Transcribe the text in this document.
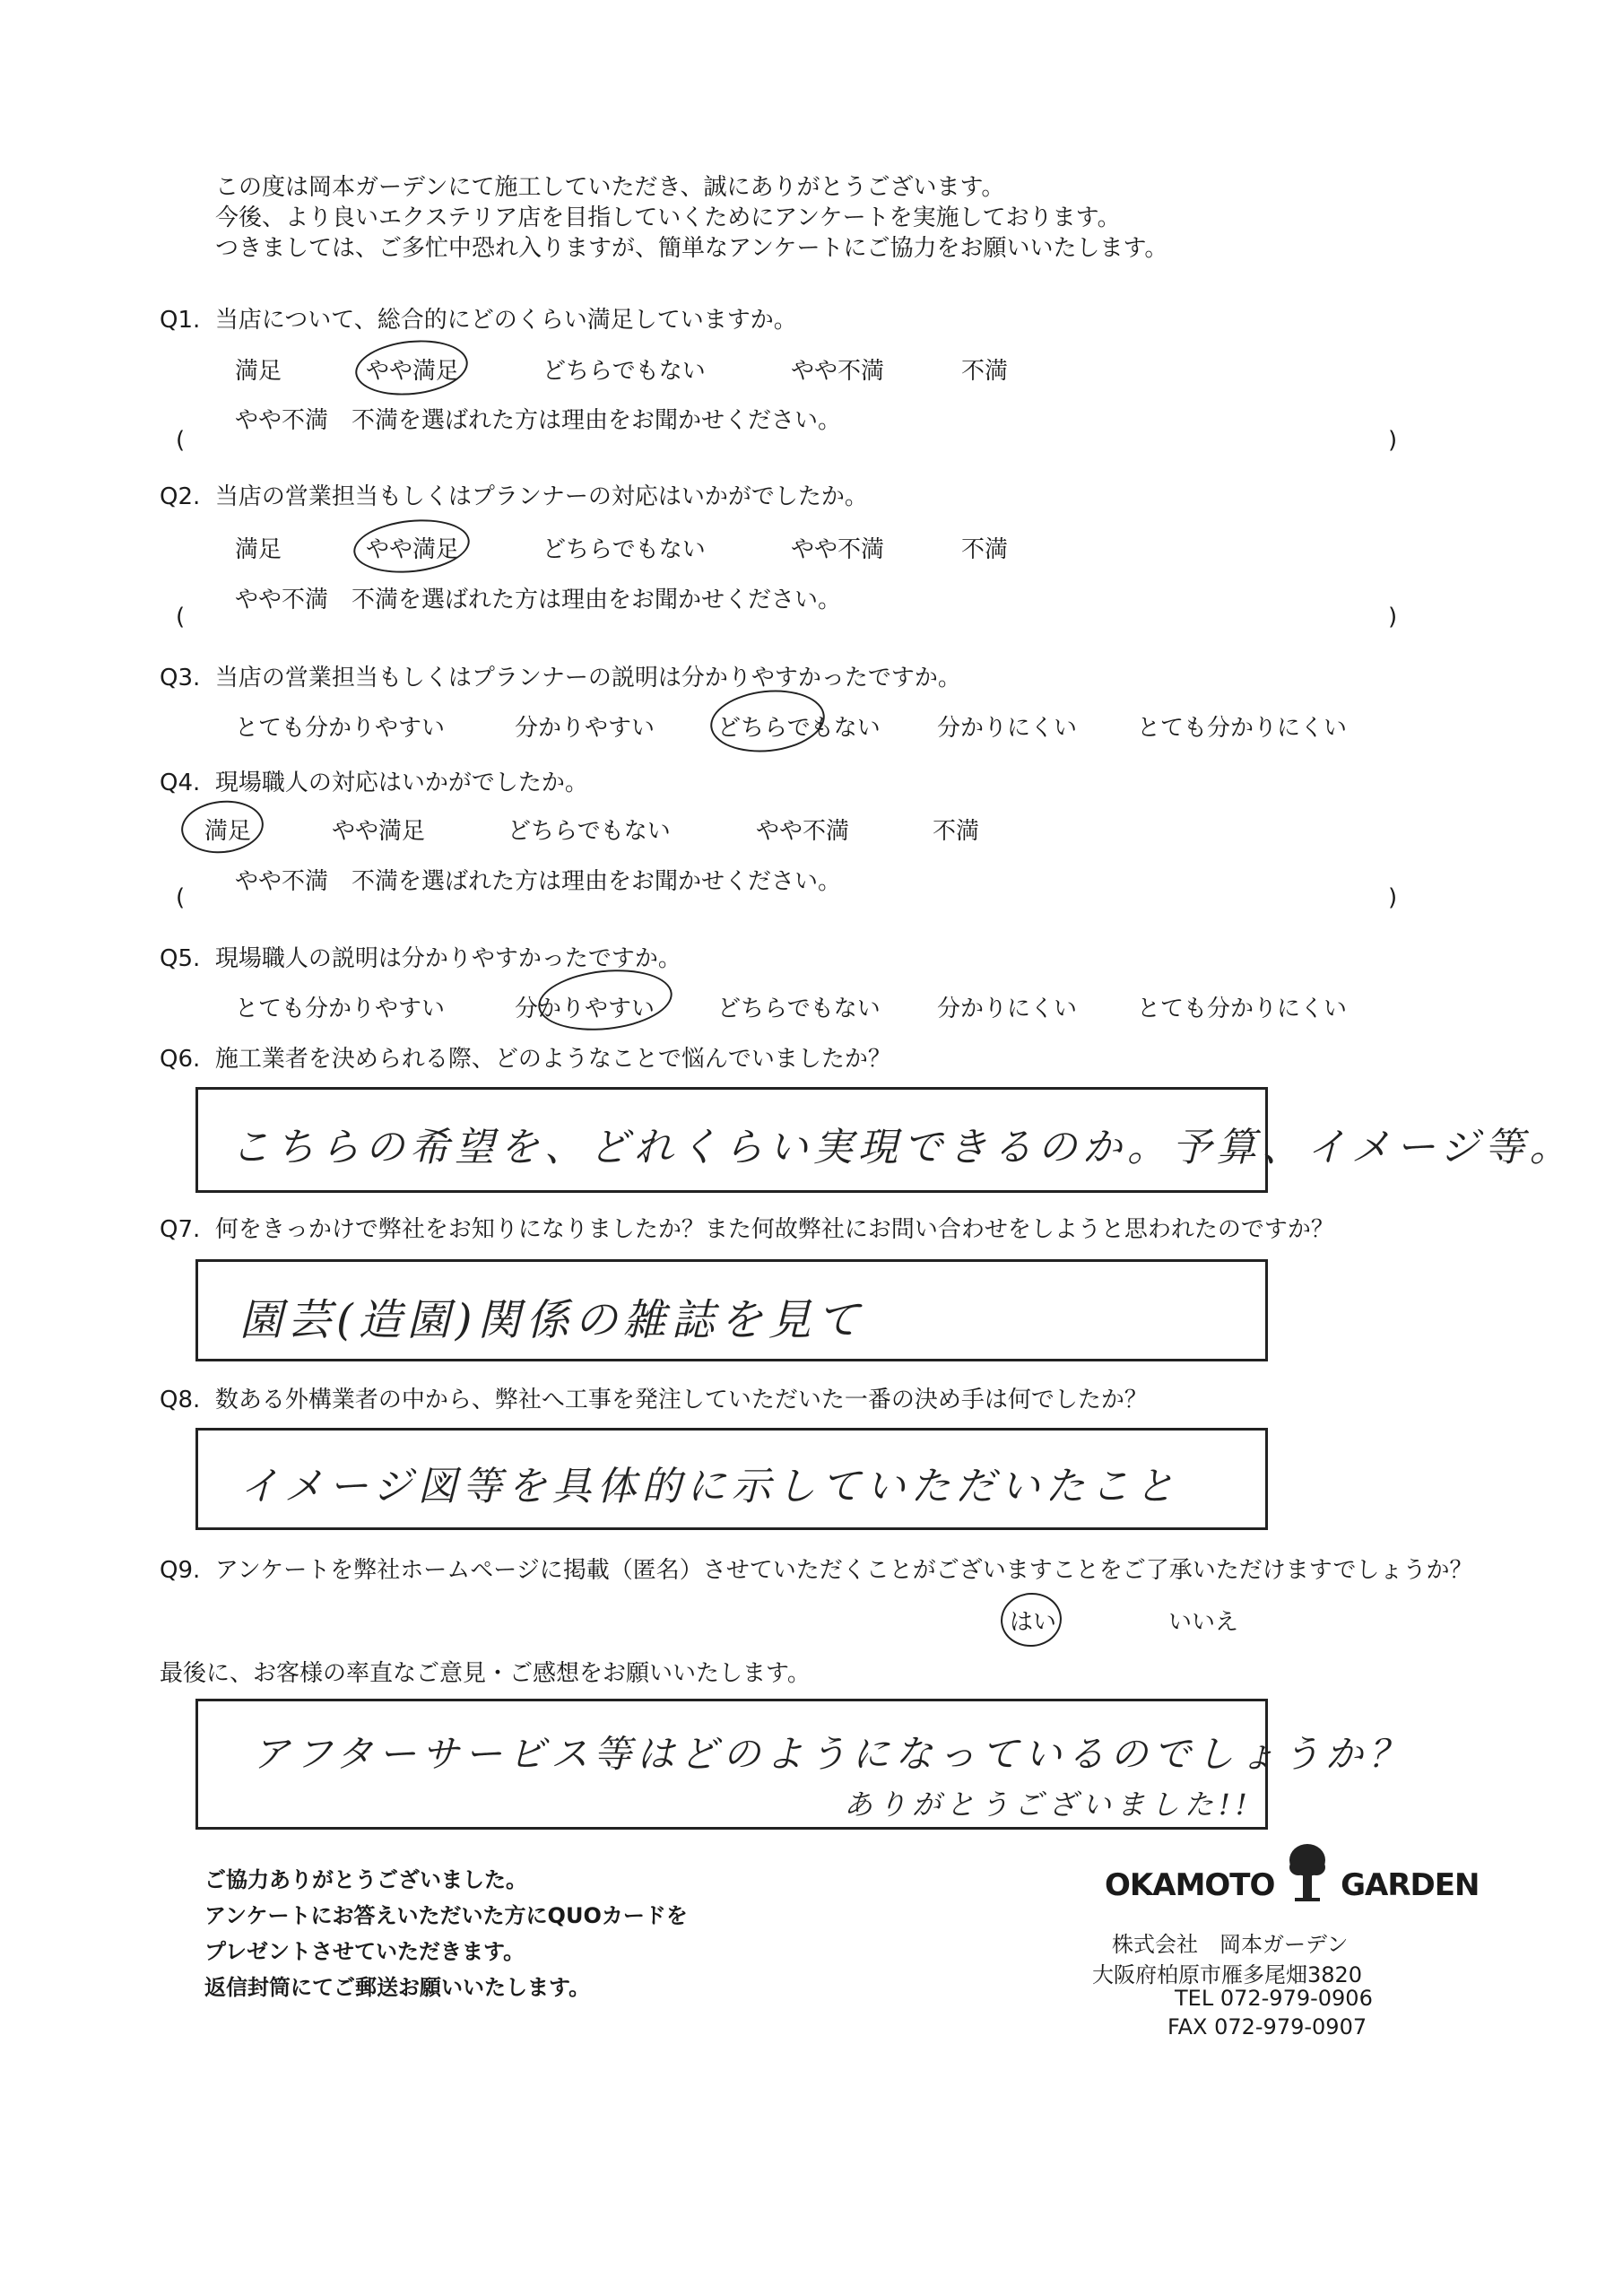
この度は岡本ガーデンにて施工していただき、誠にありがとうございます。
今後、より良いエクステリア店を目指していくためにアンケートを実施しております。
つきましては、ご多忙中恐れ入りますが、簡単なアンケートにご協力をお願いいたします。
Q1. 当店について、総合的にどのくらい満足していますか。
満足	やや満足	どちらでもない	やや不満	不満
やや不満　不満を選ばれた方は理由をお聞かせください。
(	)
Q2. 当店の営業担当もしくはプランナーの対応はいかがでしたか。
満足	やや満足	どちらでもない	やや不満	不満
やや不満　不満を選ばれた方は理由をお聞かせください。
(	)
Q3. 当店の営業担当もしくはプランナーの説明は分かりやすかったですか。
とても分かりやすい	分かりやすい	どちらでもない 分かりにくい	とても分かりにくい
Q4. 現場職人の対応はいかがでしたか。
満足	やや満足	どちらでもない	やや不満	不満
やや不満　不満を選ばれた方は理由をお聞かせください。
(	)
Q5. 現場職人の説明は分かりやすかったですか。
とても分かりやすい	分かりやすい	どちらでもない 分かりにくい	とても分かりにくい
Q6. 施工業者を決められる際、どのようなことで悩んでいましたか？
こちらの希望を、どれくらい実現できるのか。予算、イメージ等。
Q7. 何をきっかけで弊社をお知りになりましたか？また何故弊社にお問い合わせをしようと思われたのですか？
園芸(造園)関係の雑誌を見て
Q8. 数ある外構業者の中から、弊社へ工事を発注していただいた一番の決め手は何でしたか？
イメージ図等を具体的に示していただいたこと
Q9. アンケートを弊社ホームページに掲載（匿名）させていただくことがございますことをご了承いただけますでしょうか？
はい	いいえ
最後に、お客様の率直なご意見・ご感想をお願いいたします。
アフターサービス等はどのようになっているのでしょうか？
ありがとうございました!!
ご協力ありがとうございました。
アンケートにお答えいただいた方にQUOカードを
プレゼントさせていただきます。
返信封筒にてご郵送お願いいたします。
OKAMOTO GARDEN
株式会社　岡本ガーデン
大阪府柏原市雁多尾畑3820
TEL 072-979-0906
FAX 072-979-0907
